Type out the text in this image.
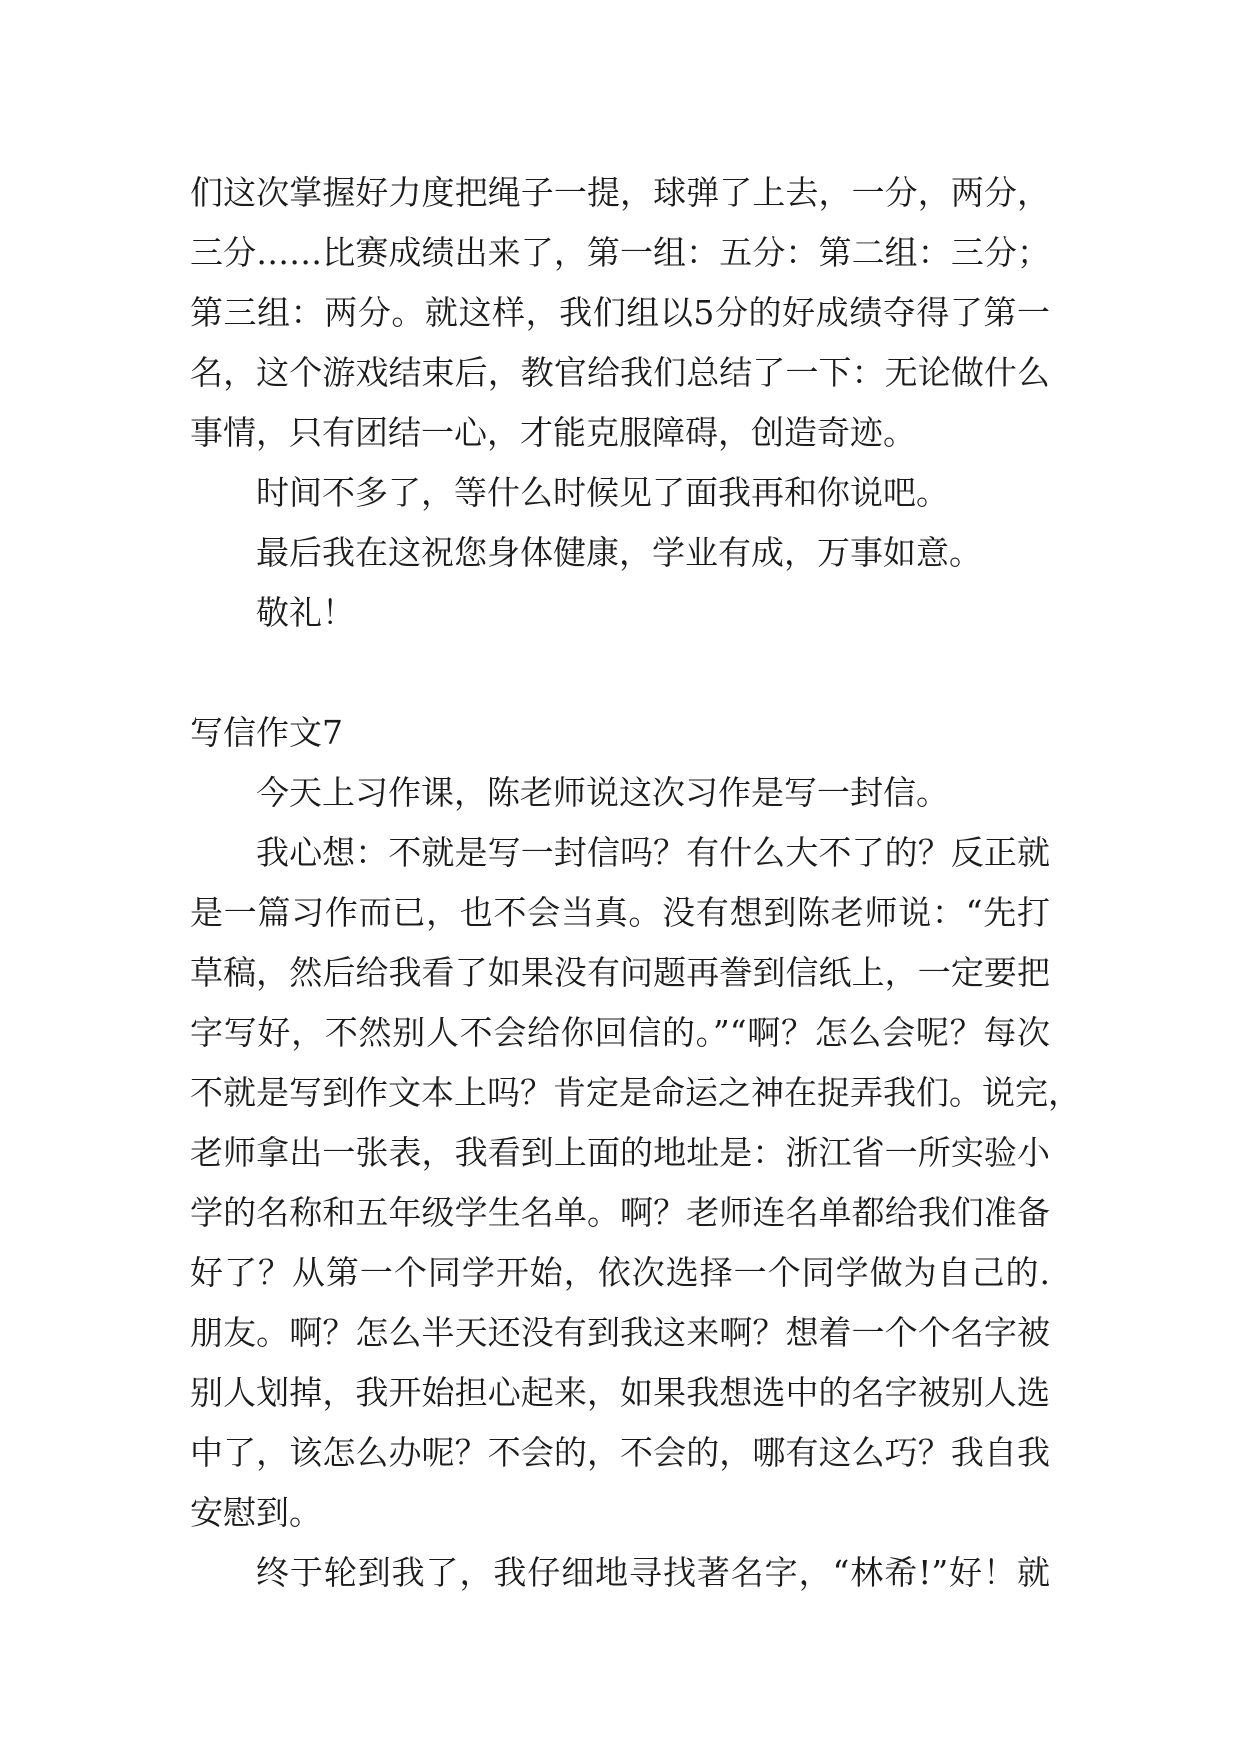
们这次掌握好力度把绳子一提，球弹了上去，一分，两分，
三分……比赛成绩出来了，第一组：五分：第二组：三分；
第三组：两分。就这样，我们组以5分的好成绩夺得了第一
名，这个游戏结束后，教官给我们总结了一下：无论做什么
事情，只有团结一心，才能克服障碍，创造奇迹。
时间不多了，等什么时候见了面我再和你说吧。
最后我在这祝您身体健康，学业有成，万事如意。
敬礼！
写信作文7
今天上习作课，陈老师说这次习作是写一封信。
我心想：不就是写一封信吗？有什么大不了的？反正就
是一篇习作而已，也不会当真。没有想到陈老师说：“先打
草稿，然后给我看了如果没有问题再誊到信纸上，一定要把
字写好，不然别人不会给你回信的。”“啊？怎么会呢？每次
不就是写到作文本上吗？肯定是命运之神在捉弄我们。说完，
老师拿出一张表，我看到上面的地址是：浙江省一所实验小
学的名称和五年级学生名单。啊？老师连名单都给我们准备
好了？从第一个同学开始，依次选择一个同学做为自己的.
朋友。啊？怎么半天还没有到我这来啊？想着一个个名字被
别人划掉，我开始担心起来，如果我想选中的名字被别人选
中了，该怎么办呢？不会的，不会的，哪有这么巧？我自我
安慰到。
终于轮到我了，我仔细地寻找著名字，“林希!”好！就
